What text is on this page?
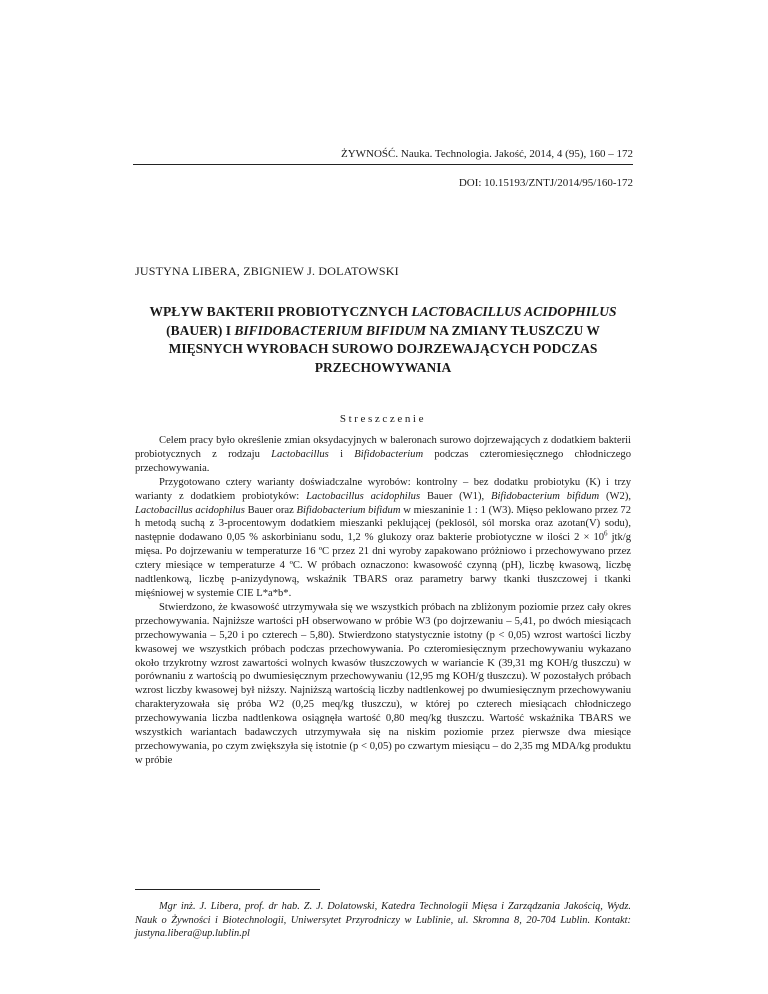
ŻYWNOŚĆ. Nauka. Technologia. Jakość, 2014, 4 (95), 160 – 172
DOI: 10.15193/ZNTJ/2014/95/160-172
JUSTYNA LIBERA, ZBIGNIEW J. DOLATOWSKI
WPŁYW BAKTERII PROBIOTYCZNYCH LACTOBACILLUS ACIDOPHILUS (BAUER) I BIFIDOBACTERIUM BIFIDUM NA ZMIANY TŁUSZCZU W MIĘSNYCH WYROBACH SUROWO DOJRZEWAJĄCYCH PODCZAS PRZECHOWYWANIA
Streszczenie

Celem pracy było określenie zmian oksydacyjnych w baleronach surowo dojrzewających z dodatkiem bakterii probiotycznych z rodzaju Lactobacillus i Bifidobacterium podczas czteromiesięcznego chłodniczego przechowywania.

Przygotowano cztery warianty doświadczalne wyrobów: kontrolny – bez dodatku probiotyku (K) i trzy warianty z dodatkiem probiotyków: Lactobacillus acidophilus Bauer (W1), Bifidobacterium bifidum (W2), Lactobacillus acidophilus Bauer oraz Bifidobacterium bifidum w mieszaninie 1 : 1 (W3). Mięso peklowano przez 72 h metodą suchą z 3-procentowym dodatkiem mieszanki peklującej (peklosól, sól morska oraz azotan(V) sodu), następnie dodawano 0,05 % askorbinianu sodu, 1,2 % glukozy oraz bakterie probiotyczne w ilości $2 \times 10^6$ jtk/g mięsa. Po dojrzewaniu w temperaturze 16 ºC przez 21 dni wyroby zapakowano próżniowo i przechowywano przez cztery miesiące w temperaturze 4 ºC. W próbach oznaczono: kwasowość czynną (pH), liczbę kwasową, liczbę nadtlenkową, liczbę p-anizydynową, wskaźnik TBARS oraz parametry barwy tkanki tłuszczowej i tkanki mięśniowej w systemie CIE L*a*b*.

Stwierdzono, że kwasowość utrzymywała się we wszystkich próbach na zbliżonym poziomie przez cały okres przechowywania. Najniższe wartości pH obserwowano w próbie W3 (po dojrzewaniu – 5,41, po dwóch miesiącach przechowywania – 5,20 i po czterech – 5,80). Stwierdzono statystycznie istotny (p < 0,05) wzrost wartości liczby kwasowej we wszystkich próbach podczas przechowywania. Po czteromiesięcznym przechowywaniu wykazano około trzykrotny wzrost zawartości wolnych kwasów tłuszczowych w wariancie K (39,31 mg KOH/g tłuszczu) w porównaniu z wartością po dwumiesięcznym przechowywaniu (12,95 mg KOH/g tłuszczu). W pozostałych próbach wzrost liczby kwasowej był niższy. Najniższą wartością liczby nadtlenkowej po dwumiesięcznym przechowywaniu charakteryzowała się próba W2 (0,25 meq/kg tłuszczu), w której po czterech miesiącach chłodniczego przechowywania liczba nadtlenkowa osiągnęła wartość 0,80 meq/kg tłuszczu. Wartość wskaźnika TBARS we wszystkich wariantach badawczych utrzymywała się na niskim poziomie przez pierwsze dwa miesiące przechowywania, po czym zwiększyła się istotnie (p < 0,05) po czwartym miesiącu – do 2,35 mg MDA/kg produktu w próbie

Mgr inż. J. Libera, prof. dr hab. Z. J. Dolatowski, Katedra Technologii Mięsa i Zarządzania Jakością, Wydz. Nauk o Żywności i Biotechnologii, Uniwersytet Przyrodniczy w Lublinie, ul. Skromna 8, 20-704 Lublin. Kontakt: justyna.libera@up.lublin.pl
